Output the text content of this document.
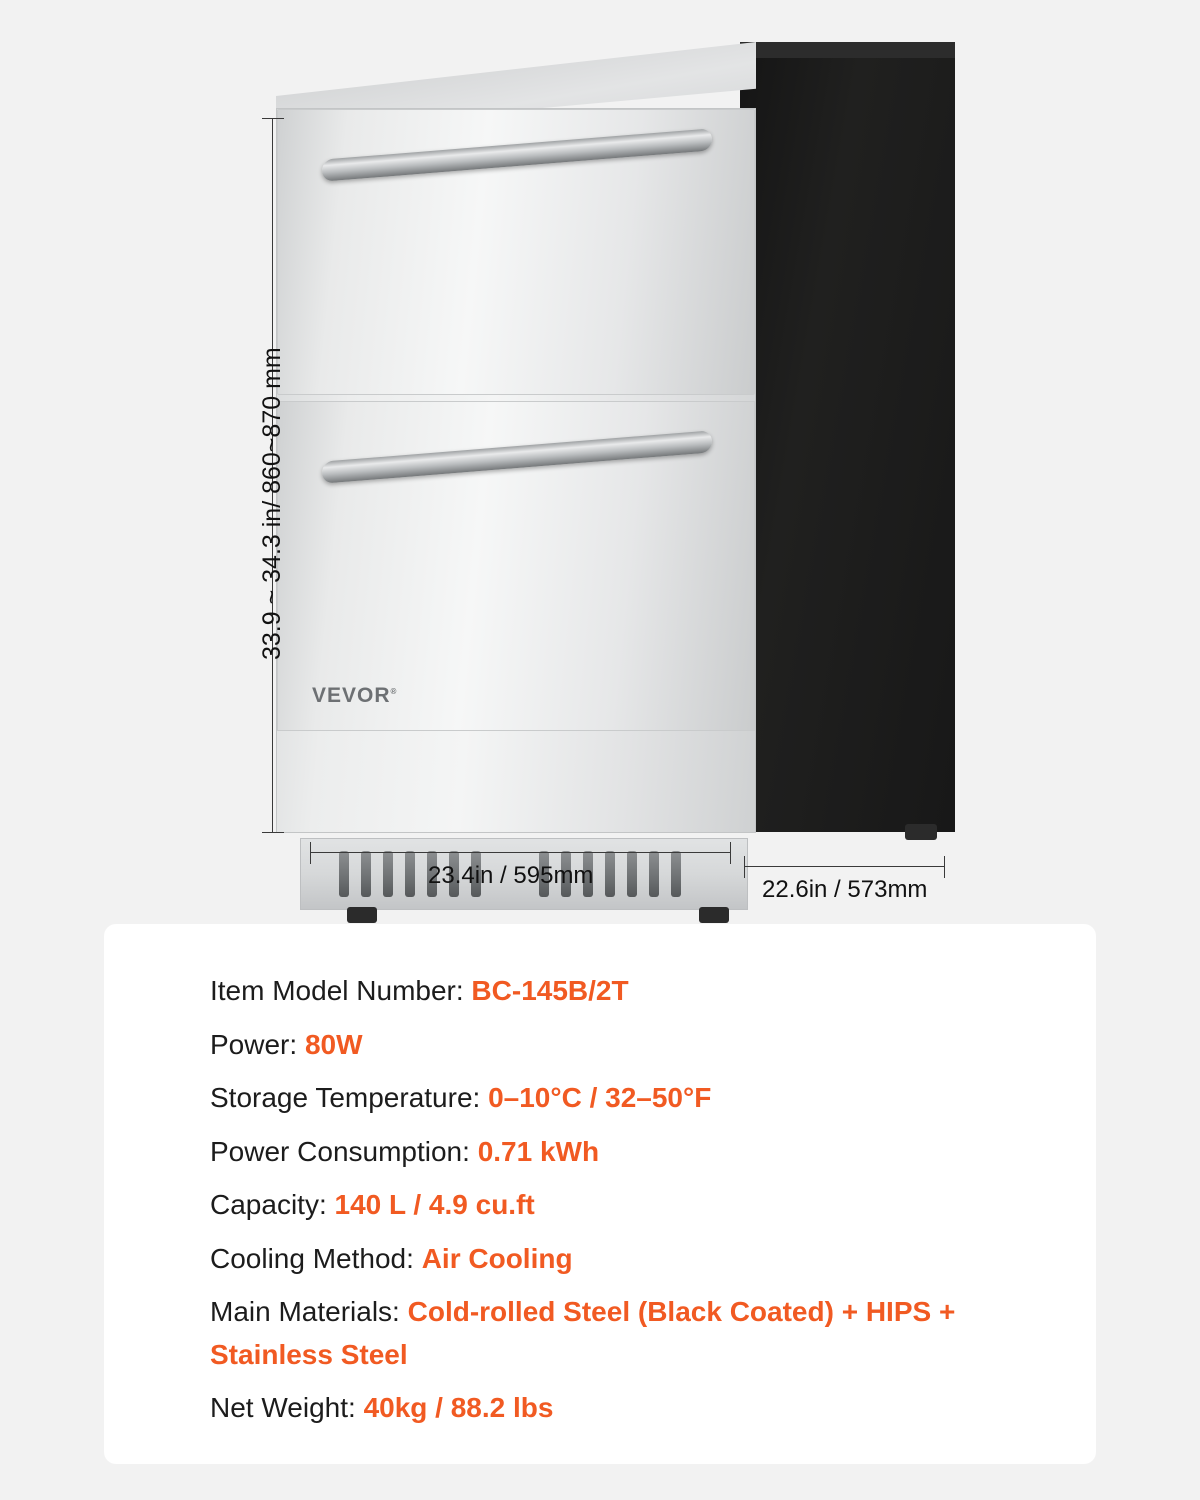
VEVOR®
33.9 ~ 34.3 in/ 860~870 mm
23.4in / 595mm
22.6in / 573mm
Item Model Number: BC-145B/2T
Power: 80W
Storage Temperature: 0–10°C / 32–50°F
Power Consumption: 0.71 kWh
Capacity: 140 L / 4.9 cu.ft
Cooling Method: Air Cooling
Main Materials: Cold-rolled Steel (Black Coated) + HIPS + Stainless Steel
Net Weight: 40kg / 88.2 lbs
